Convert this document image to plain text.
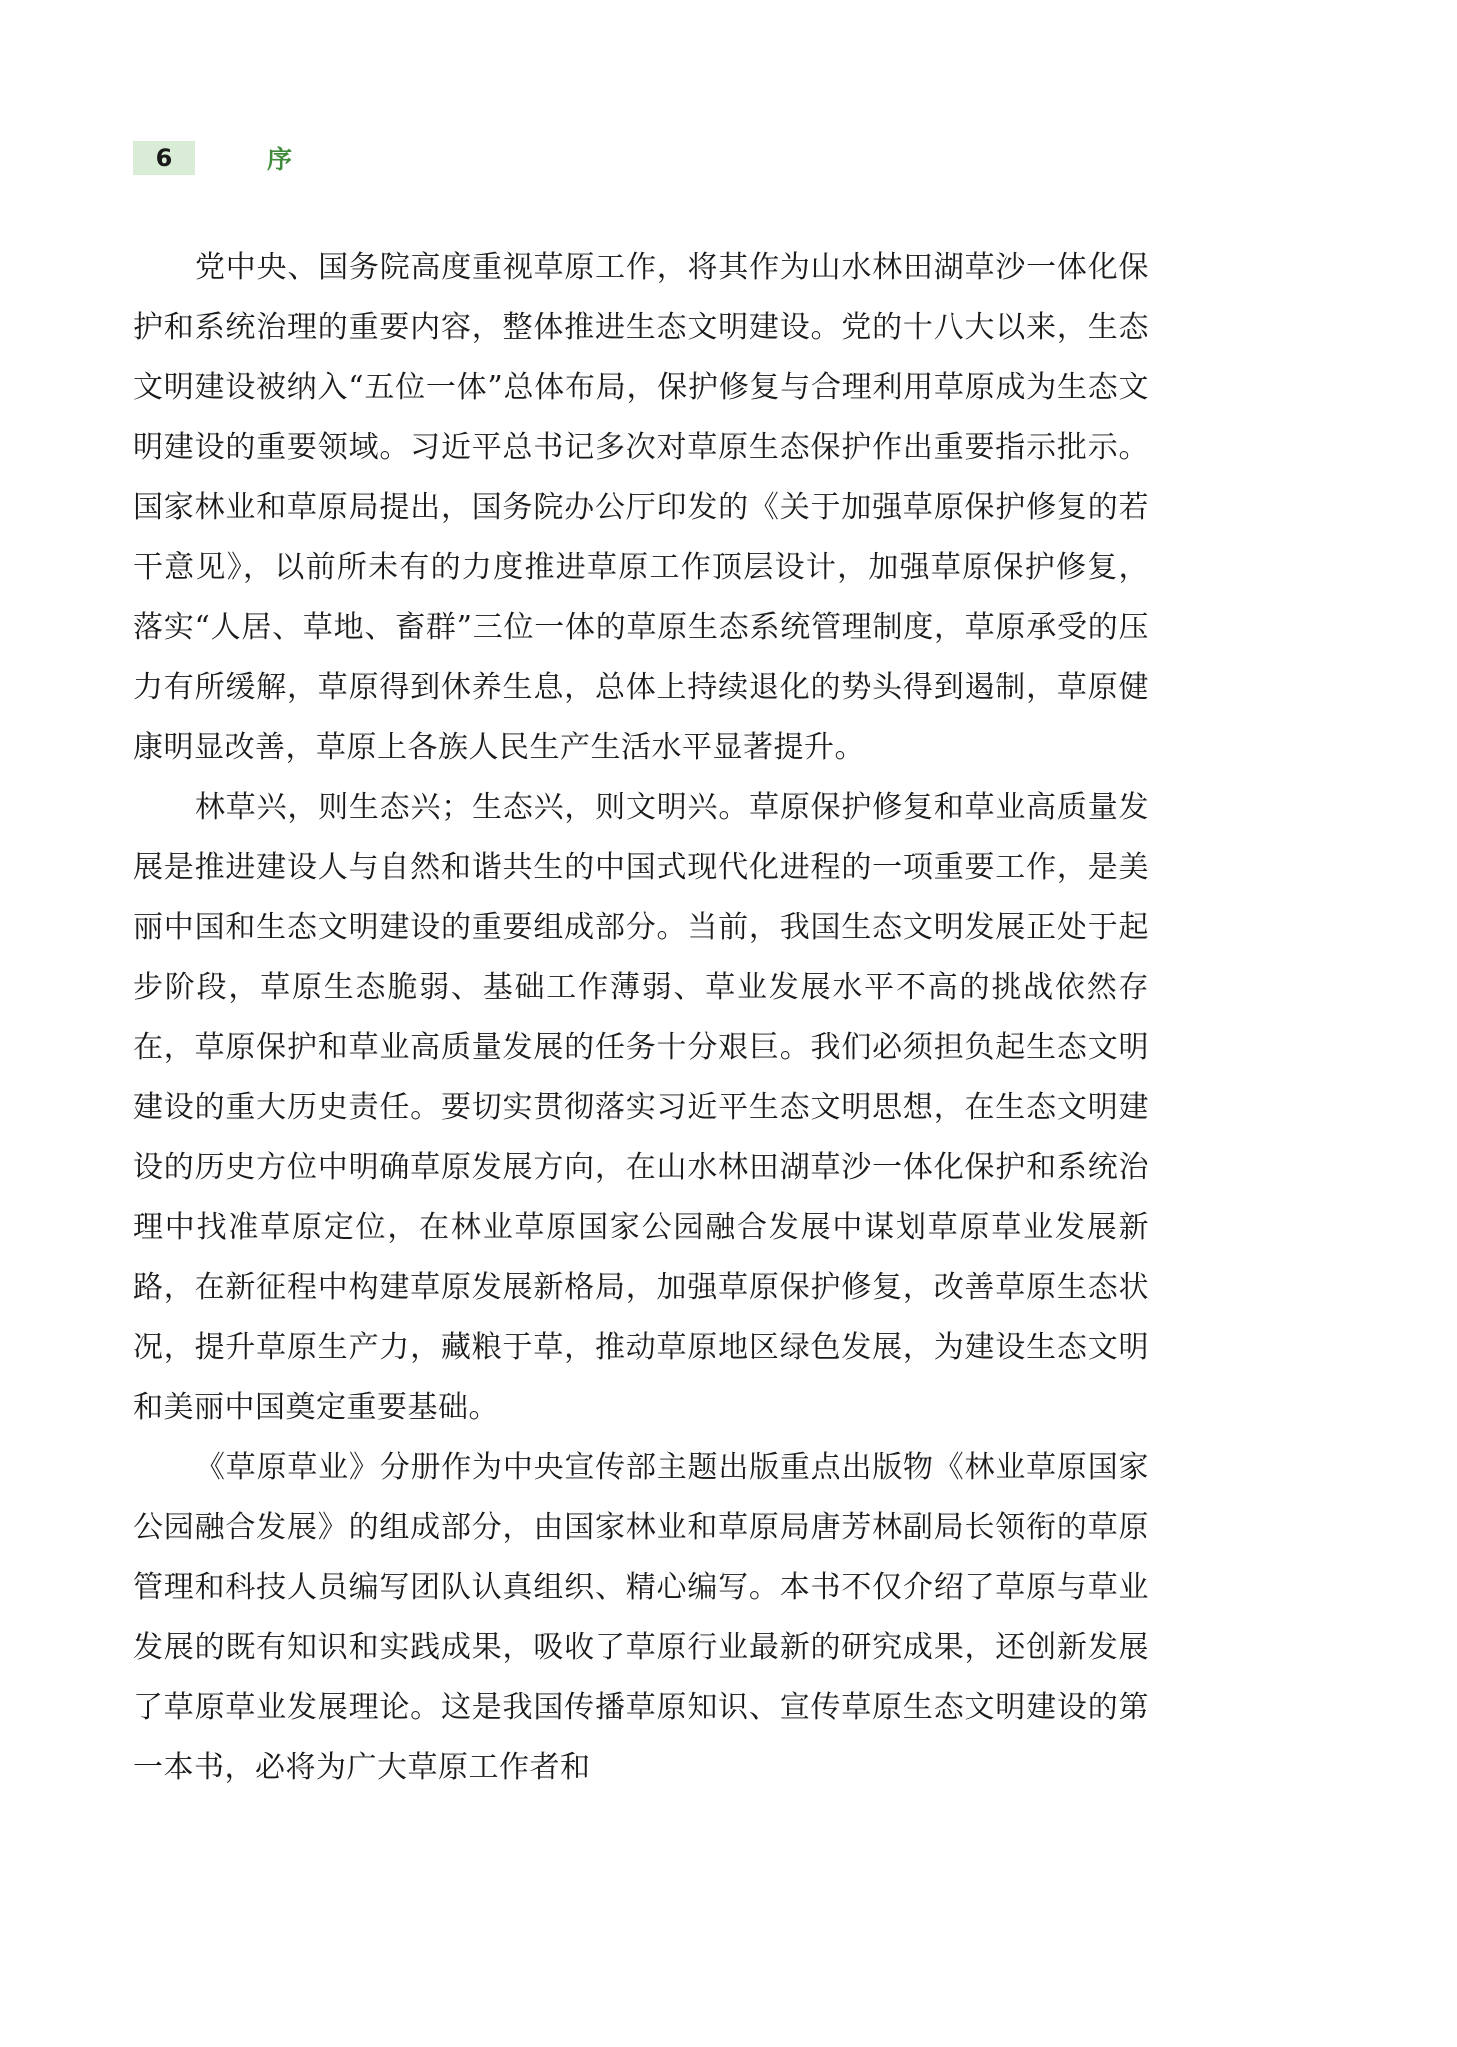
6	序

党中央、国务院高度重视草原工作，将其作为山水林田湖草沙一体化保护和系统治理的重要内容，整体推进生态文明建设。党的十八大以来，生态文明建设被纳入“五位一体”总体布局，保护修复与合理利用草原成为生态文明建设的重要领域。习近平总书记多次对草原生态保护作出重要指示批示。国家林业和草原局提出，国务院办公厅印发的《关于加强草原保护修复的若干意见》，以前所未有的力度推进草原工作顶层设计，加强草原保护修复，落实“人居、草地、畜群”三位一体的草原生态系统管理制度，草原承受的压力有所缓解，草原得到休养生息，总体上持续退化的势头得到遏制，草原健康明显改善，草原上各族人民生产生活水平显著提升。

林草兴，则生态兴；生态兴，则文明兴。草原保护修复和草业高质量发展是推进建设人与自然和谐共生的中国式现代化进程的一项重要工作，是美丽中国和生态文明建设的重要组成部分。当前，我国生态文明发展正处于起步阶段，草原生态脆弱、基础工作薄弱、草业发展水平不高的挑战依然存在，草原保护和草业高质量发展的任务十分艰巨。我们必须担负起生态文明建设的重大历史责任。要切实贯彻落实习近平生态文明思想，在生态文明建设的历史方位中明确草原发展方向，在山水林田湖草沙一体化保护和系统治理中找准草原定位，在林业草原国家公园融合发展中谋划草原草业发展新路，在新征程中构建草原发展新格局，加强草原保护修复，改善草原生态状况，提升草原生产力，藏粮于草，推动草原地区绿色发展，为建设生态文明和美丽中国奠定重要基础。

《草原草业》分册作为中央宣传部主题出版重点出版物《林业草原国家公园融合发展》的组成部分，由国家林业和草原局唐芳林副局长领衔的草原管理和科技人员编写团队认真组织、精心编写。本书不仅介绍了草原与草业发展的既有知识和实践成果，吸收了草原行业最新的研究成果，还创新发展了草原草业发展理论。这是我国传播草原知识、宣传草原生态文明建设的第一本书，必将为广大草原工作者和
